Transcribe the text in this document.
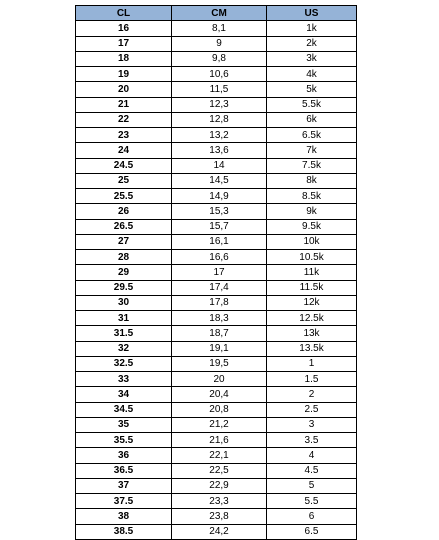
CL	CM	US
16	8,1	1k
17	9	2k
18	9,8	3k
19	10,6	4k
20	11,5	5k
21	12,3	5.5k
22	12,8	6k
23	13,2	6.5k
24	13,6	7k
24.5	14	7.5k
25	14,5	8k
25.5	14,9	8.5k
26	15,3	9k
26.5	15,7	9.5k
27	16,1	10k
28	16,6	10.5k
29	17	11k
29.5	17,4	11.5k
30	17,8	12k
31	18,3	12.5k
31.5	18,7	13k
32	19,1	13.5k
32.5	19,5	1
33	20	1.5
34	20,4	2
34.5	20,8	2.5
35	21,2	3
35.5	21,6	3.5
36	22,1	4
36.5	22,5	4.5
37	22,9	5
37.5	23,3	5.5
38	23,8	6
38.5	24,2	6.5
